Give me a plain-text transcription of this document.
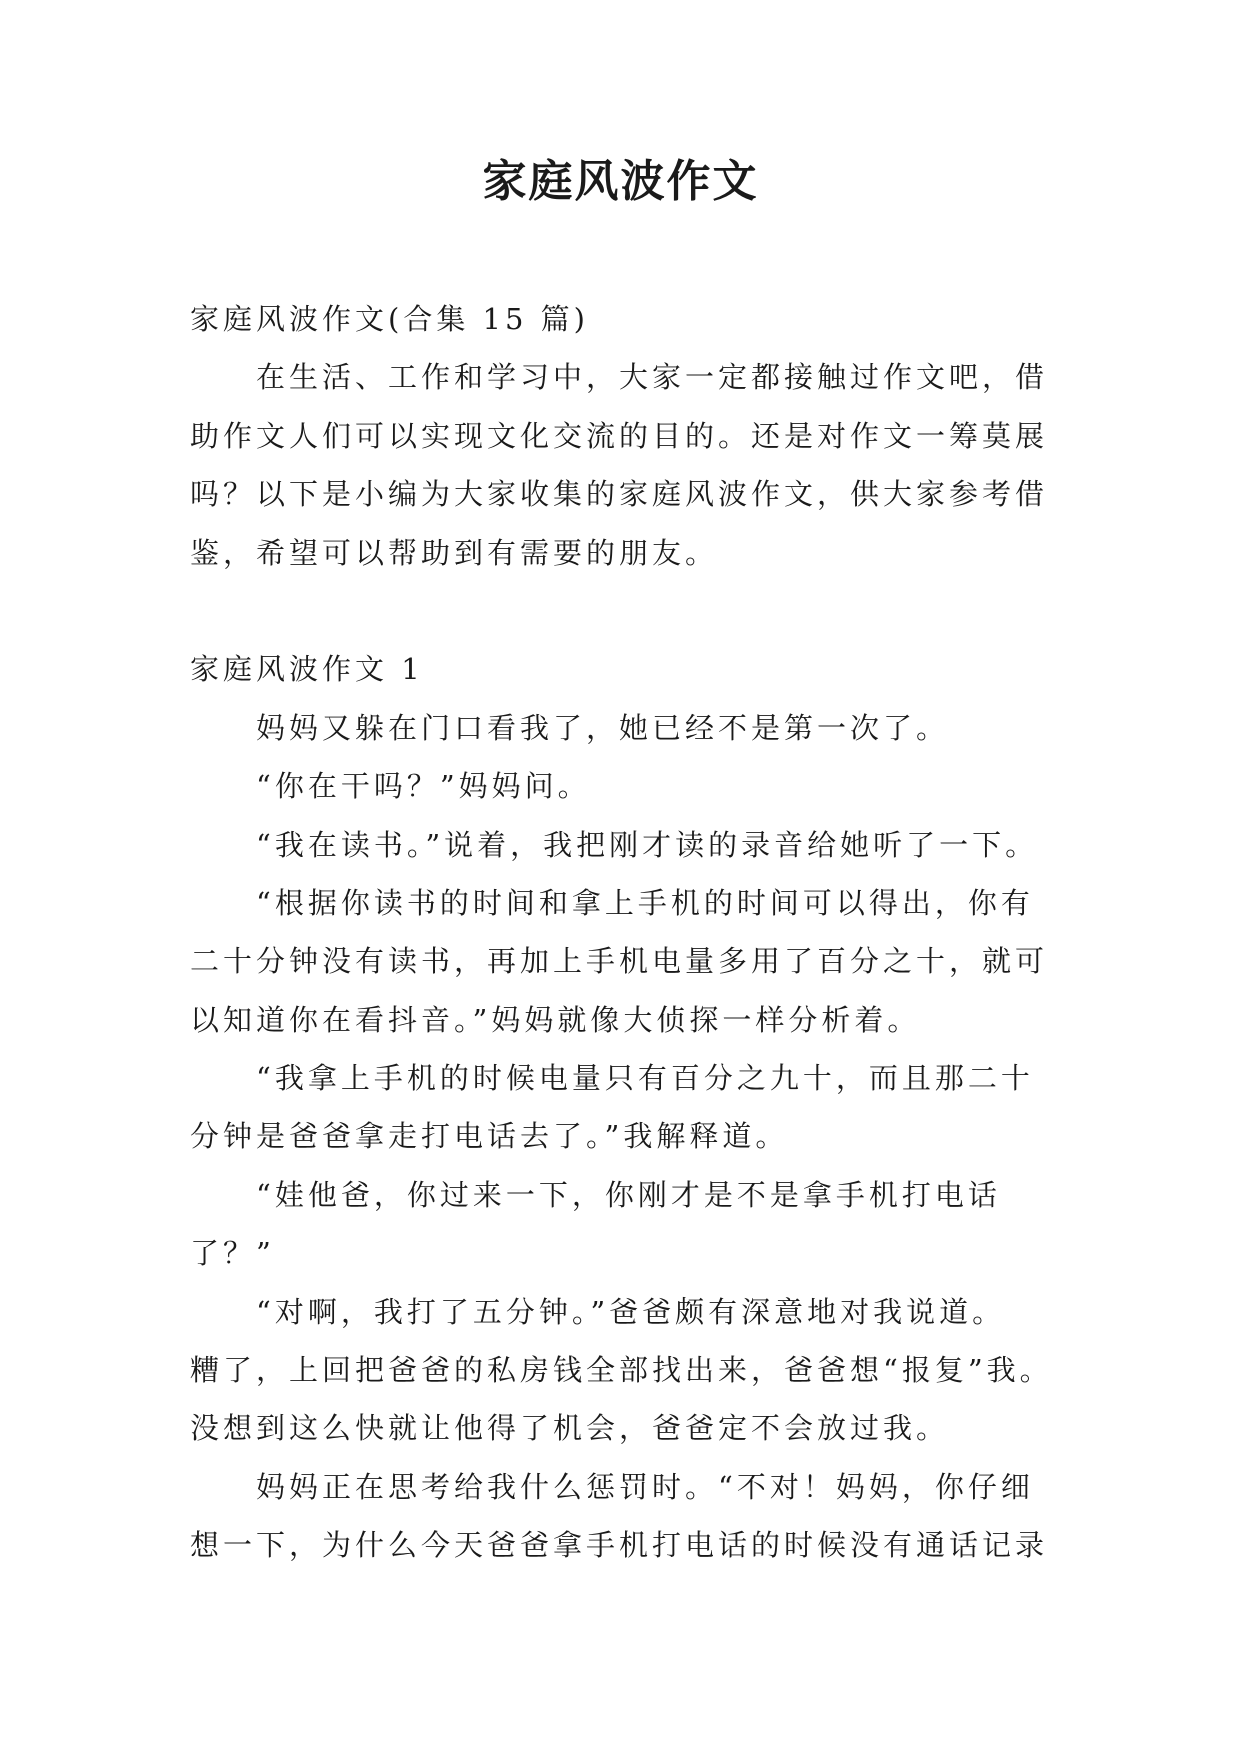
家庭风波作文
家庭风波作文(合集 15 篇)
在生活、工作和学习中，大家一定都接触过作文吧，借
助作文人们可以实现文化交流的目的。还是对作文一筹莫展
吗？以下是小编为大家收集的家庭风波作文，供大家参考借
鉴，希望可以帮助到有需要的朋友。
家庭风波作文 1
妈妈又躲在门口看我了，她已经不是第一次了。
“你在干吗？”妈妈问。
“我在读书。”说着，我把刚才读的录音给她听了一下。
“根据你读书的时间和拿上手机的时间可以得出，你有
二十分钟没有读书，再加上手机电量多用了百分之十，就可
以知道你在看抖音。”妈妈就像大侦探一样分析着。
“我拿上手机的时候电量只有百分之九十，而且那二十
分钟是爸爸拿走打电话去了。”我解释道。
“娃他爸，你过来一下，你刚才是不是拿手机打电话
了？”
“对啊，我打了五分钟。”爸爸颇有深意地对我说道。
糟了，上回把爸爸的私房钱全部找出来，爸爸想“报复”我。
没想到这么快就让他得了机会，爸爸定不会放过我。
妈妈正在思考给我什么惩罚时。“不对！妈妈，你仔细
想一下，为什么今天爸爸拿手机打电话的时候没有通话记录
